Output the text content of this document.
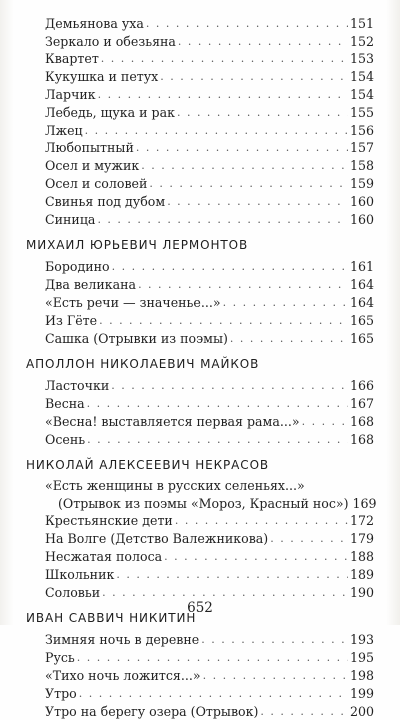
Демьянова уха . . .	151
Зеркало и обезьяна . . .	152
Квартет . . .	153
Кукушка и петух . . .	154
Ларчик . . .	154
Лебедь, щука и рак . . .	155
Лжец . . .	156
Любопытный . . .	157
Осел и мужик . . .	158
Осел и соловей . . .	159
Свинья под дубом . . .	160
Синица . . .	160
МИХАИЛ ЮРЬЕВИЧ ЛЕРМОНТОВ
Бородино . . .	161
Два великана . . .	164
«Есть речи — значенье...» . . .	164
Из Гёте . . .	165
Сашка (Отрывки из поэмы) . . .	165
АПОЛЛОН НИКОЛАЕВИЧ МАЙКОВ
Ласточки . . .	166
Весна . . .	167
«Весна! выставляется первая рама...» . . .	168
Осень . . .	168
НИКОЛАЙ АЛЕКСЕЕВИЧ НЕКРАСОВ
«Есть женщины в русских селеньях...»
(Отрывок из поэмы «Мороз, Красный нос») 169
Крестьянские дети . . .	172
На Волге (Детство Валежникова) . . .	179
Несжатая полоса . . .	188
Школьник . . .	189
Соловьи . . .	190
ИВАН САВВИЧ НИКИТИН
Зимняя ночь в деревне . . .	193
Русь . . .	195
«Тихо ночь ложится...» . . .	198
Утро . . .	199
Утро на берегу озера (Отрывок) . . .	200
652
